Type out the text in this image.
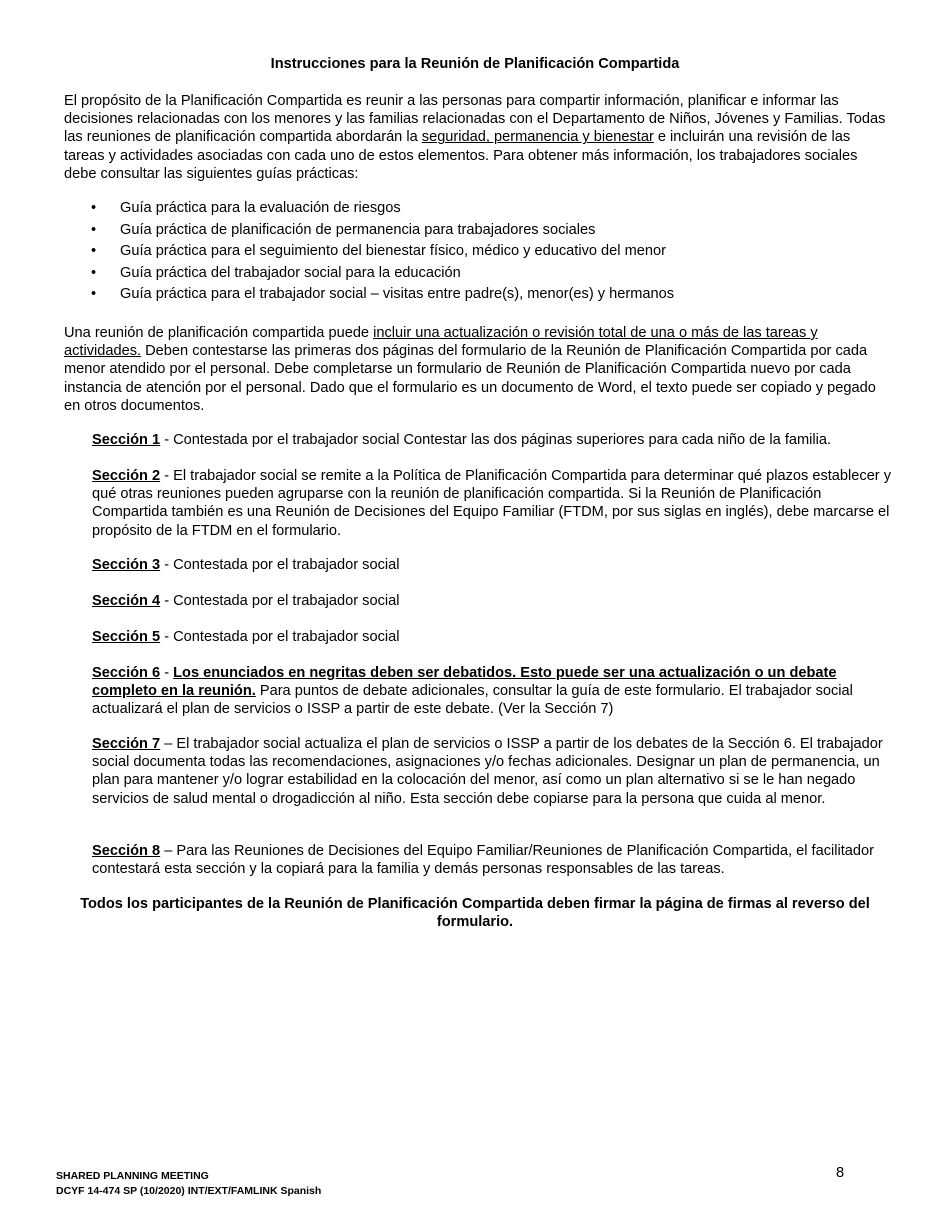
Instrucciones para la Reunión de Planificación Compartida
El propósito de la Planificación Compartida es reunir a las personas para compartir información, planificar e informar las decisiones relacionadas con los menores y las familias relacionadas con el Departamento de Niños, Jóvenes y Familias. Todas las reuniones de planificación compartida abordarán la seguridad, permanencia y bienestar e incluirán una revisión de las tareas y actividades asociadas con cada uno de estos elementos. Para obtener más información, los trabajadores sociales debe consultar las siguientes guías prácticas:
• Guía práctica para la evaluación de riesgos
• Guía práctica de planificación de permanencia para trabajadores sociales
• Guía práctica para el seguimiento del bienestar físico, médico y educativo del menor
• Guía práctica del trabajador social para la educación
• Guía práctica para el trabajador social – visitas entre padre(s), menor(es) y hermanos
Una reunión de planificación compartida puede incluir una actualización o revisión total de una o más de las tareas y actividades. Deben contestarse las primeras dos páginas del formulario de la Reunión de Planificación Compartida por cada menor atendido por el personal. Debe completarse un formulario de Reunión de Planificación Compartida nuevo por cada instancia de atención por el personal. Dado que el formulario es un documento de Word, el texto puede ser copiado y pegado en otros documentos.
Sección 1 - Contestada por el trabajador social Contestar las dos páginas superiores para cada niño de la familia.
Sección 2 - El trabajador social se remite a la Política de Planificación Compartida para determinar qué plazos establecer y qué otras reuniones pueden agruparse con la reunión de planificación compartida. Si la Reunión de Planificación Compartida también es una Reunión de Decisiones del Equipo Familiar (FTDM, por sus siglas en inglés), debe marcarse el propósito de la FTDM en el formulario.
Sección 3 - Contestada por el trabajador social
Sección 4 - Contestada por el trabajador social
Sección 5 - Contestada por el trabajador social
Sección 6 - Los enunciados en negritas deben ser debatidos. Esto puede ser una actualización o un debate completo en la reunión. Para puntos de debate adicionales, consultar la guía de este formulario. El trabajador social actualizará el plan de servicios o ISSP a partir de este debate. (Ver la Sección 7)
Sección 7 – El trabajador social actualiza el plan de servicios o ISSP a partir de los debates de la Sección 6. El trabajador social documenta todas las recomendaciones, asignaciones y/o fechas adicionales. Designar un plan de permanencia, un plan para mantener y/o lograr estabilidad en la colocación del menor, así como un plan alternativo si se le han negado servicios de salud mental o drogadicción al niño. Esta sección debe copiarse para la persona que cuida al menor.
Sección 8 – Para las Reuniones de Decisiones del Equipo Familiar/Reuniones de Planificación Compartida, el facilitador contestará esta sección y la copiará para la familia y demás personas responsables de las tareas.
Todos los participantes de la Reunión de Planificación Compartida deben firmar la página de firmas al reverso del formulario.
SHARED PLANNING MEETING
DCYF 14-474 SP (10/2020) INT/EXT/FAMLINK Spanish
8
